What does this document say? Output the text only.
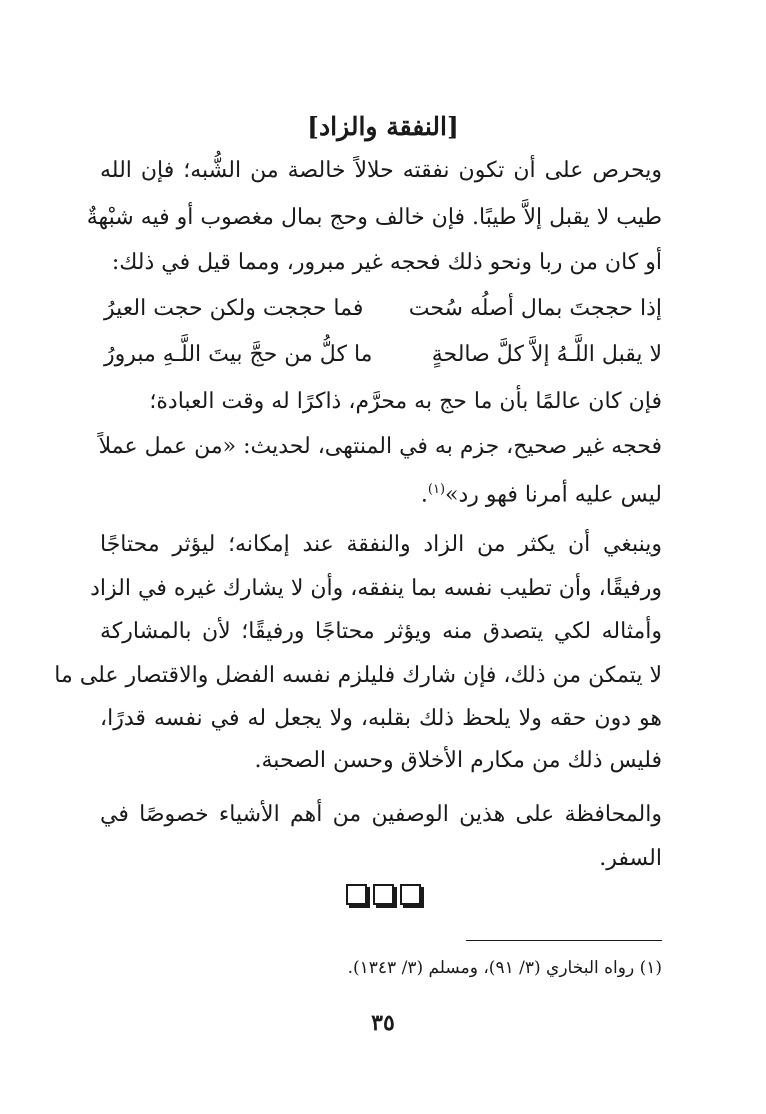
[النفقة والزاد]
ويحرص على أن تكون نفقته حلالاً خالصة من الشُّبه؛ فإن الله
طيب لا يقبل إلاَّ طيبًا. فإن خالف وحج بمال مغصوب أو فيه شبْهةٌ
أو كان من ربا ونحو ذلك فحجه غير مبرور، ومما قيل في ذلك:
إذا حججتَ بمال أصلُه سُحت
فما حججت ولكن حجت العيرُ
لا يقبل اللَّـهُ إلاَّ كلَّ صالحةٍ
ما كلُّ من حجَّ بيتَ اللَّـهِ مبرورُ
فإن كان عالمًا بأن ما حج به محرَّم، ذاكرًا له وقت العبادة؛
فحجه غير صحيح، جزم به في المنتهى، لحديث: «من عمل عملاً
ليس عليه أمرنا فهو رد»$^{(١)}$.
وينبغي أن يكثر من الزاد والنفقة عند إمكانه؛ ليؤثر محتاجًا
ورفيقًا، وأن تطيب نفسه بما ينفقه، وأن لا يشارك غيره في الزاد
وأمثاله لكي يتصدق منه ويؤثر محتاجًا ورفيقًا؛ لأن بالمشاركة
لا يتمكن من ذلك، فإن شارك فليلزم نفسه الفضل والاقتصار على ما
هو دون حقه ولا يلحظ ذلك بقلبه، ولا يجعل له في نفسه قدرًا،
فليس ذلك من مكارم الأخلاق وحسن الصحبة.
والمحافظة على هذين الوصفين من أهم الأشياء خصوصًا في
السفر.
(١) رواه البخاري (٣/ ٩١)، ومسلم (٣/ ١٣٤٣).
٣٥
